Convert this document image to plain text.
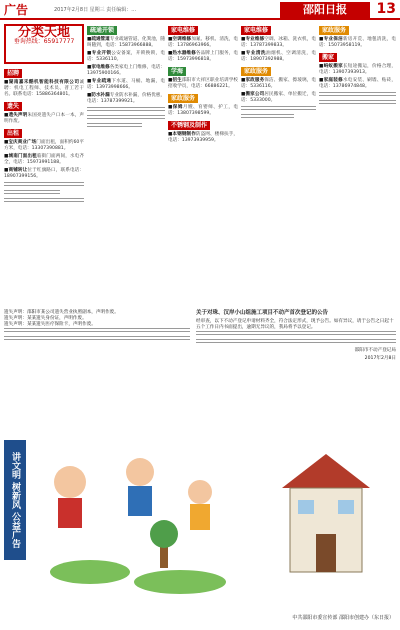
广告	2017年2月8日 星期三 责任编辑：...	邵阳日报	13
分类天地
垂询热线：65917777
招聘
■湖南嘉禾酷机智能科技有限公司诚聘：机电工程师、技术员、普工若干名。联系电话：15886364801。
遗失
■遗失声明朱国亮遗失户口本一本，声明作废。
出租
■宝庆商业广场门面出租，面积约60平方米，电话：13307390881。
■城南门面出租临街门面两间，水电齐全，电话：15973991188。
■商铺转让位于红旗路口，联系电话：18907399156。
疏通开锁
■疏通管道专业疏通管道、化粪池，随叫随到，电话：15873966888。
■专业开锁公安备案，开锁换锁，电话：5336110。
■家电维修各类家电上门维修，电话：13975900166。
■专业疏通下水道、马桶、地漏，电话：13973998666。
■防水补漏专业防水补漏，价格优惠，电话：13787399921。
家电维修
■空调维修加氟、移机、清洗，电话：13786963966。
■热水器维修各品牌上门服务，电话：15973996818。
学海
■招生邵阳市大祥区职业培训学校招收学员，电话：66886221。
家政服务
■保姆月嫂、育婴师、护工，电话：13807398599。
不锈钢及制作
■本钢钢制作防盗网、楼梯扶手，电话：13973939959。
家电维修
■专业维修空调、冰箱、洗衣机，电话：13787399833。
■专业清洗油烟机、空调清洗，电话：18907392988。
家政服务
■家政服务保洁、搬家、擦玻璃，电话：5336116。
■搬家公司居民搬家、单位搬迁，电话：5333000。
家政服务
■专业保洁新房开荒、地毯清洗，电话：15073958119。
搬家
■蚂蚁搬家长短途搬运，价格合理，电话：13907393913。
■家庭装修水电安装、刷墙、贴砖，电话：13786974848。
遗失声明：邵阳市某公司遗失营业执照副本，声明作废。
遗失声明：某某遗失身份证，声明作废。
遗失声明：某某遗失医疗保险卡，声明作废。
关于对珠、汉岸小山组施工项目不动产首次登记的公告
经审查，以下不动产登记申请材料齐全，符合法定形式，现予公告。如有异议，请于公告之日起十五个工作日内书面提出，逾期无异议的，我局将予以登记。
邵阳市不动产登记局
2017年2月8日
讲文明 树新风 公益广告
中共邵阳市委宣传部 邵阳市创建办（东日报）
